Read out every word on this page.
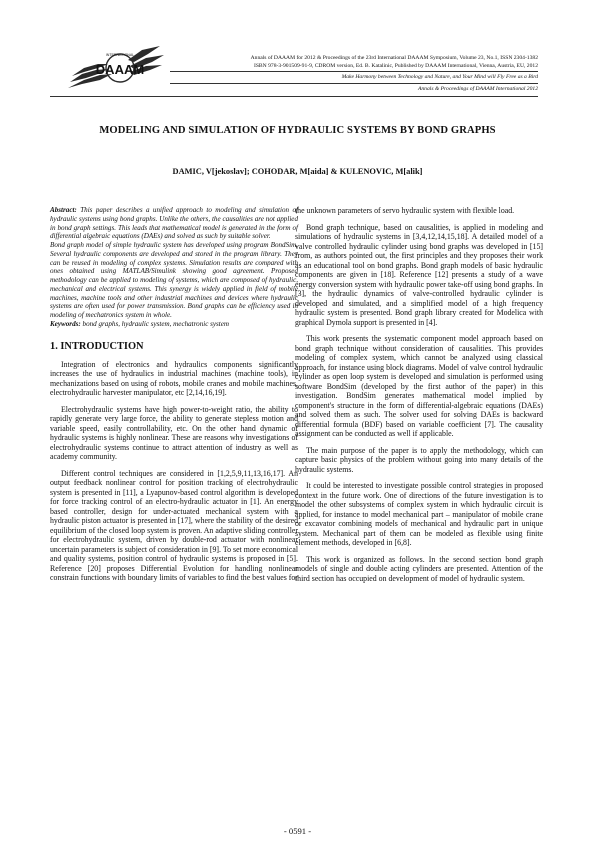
INTERNATIONAL
DAAAM
Annals of DAAAM for 2012 & Proceedings of the 23rd International DAAAM Symposium, Volume 23, No.1, ISSN 2304-1382
ISBN 978-3-901509-91-9, CDROM version, Ed. B. Katalinic, Published by DAAAM International, Vienna, Austria, EU, 2012
Make Harmony between Technology and Nature, and Your Mind will Fly Free as a Bird
Annals & Proceedings of DAAAM International 2012
MODELING AND SIMULATION OF HYDRAULIC SYSTEMS BY BOND GRAPHS
DAMIC, V[jekoslav]; COHODAR, M[aida] & KULENOVIC, M[alik]

Abstract: This paper describes a unified approach to modeling and simulation of hydraulic systems using bond graphs. Unlike the others, the causalities are not applied in bond graph settings. This leads that mathematical model is generated in the form of differential algebraic equations (DAEs) and solved as such by suitable solver.

Bond graph model of simple hydraulic system has developed using program BondSim. Several hydraulic components are developed and stored in the program library. They can be reused in modeling of complex systems. Simulation results are compared with ones obtained using MATLAB/Simulink showing good agreement. Proposed methodology can be applied to modeling of systems, which are composed of hydraulic, mechanical and electrical systems. This synergy is widely applied in field of mobile machines, machine tools and other industrial machines and devices where hydraulic systems are often used for power transmission. Bond graphs can be efficiency used in modeling of mechatronics system in whole.

Keywords: bond graphs, hydraulic system, mechatronic system

1. INTRODUCTION

Integration of electronics and hydraulics components significantly increases the use of hydraulics in industrial machines (machine tools), in mechanizations based on using of robots, mobile cranes and mobile machines, electrohydraulic harvester manipulator, etc [2,14,16,19].

Electrohydraulic systems have high power-to-weight ratio, the ability to rapidly generate very large force, the ability to generate stepless motion and variable speed, easily controllability, etc. On the other hand dynamic of hydraulic systems is highly nonlinear. These are reasons why investigations of electrohydraulic systems continue to attract attention of industry as well as academy community.

Different control techniques are considered in [1,2,5,9,11,13,16,17]. An output feedback nonlinear control for position tracking of electrohydraulic system is presented in [11], a Lyapunov-based control algorithm is developed for force tracking control of an electro-hydraulic actuator in [1]. An energy based controller, design for under-actuated mechanical system with a hydraulic piston actuator is presented in [17], where the stability of the desired equilibrium of the closed loop system is proven. An adaptive sliding controller for electrohydraulic system, driven by double-rod actuator with nonlinear uncertain parameters is subject of consideration in [9]. To set more economical and quality systems, position control of hydraulic systems is proposed in [5]. Reference [20] proposes Differential Evolution for handling nonlinear constrain functions with boundary limits of variables to find the best values for

the unknown parameters of servo hydraulic system with flexible load.

Bond graph technique, based on causalities, is applied in modeling and simulations of hydraulic systems in [3,4,12,14,15,18]. A detailed model of a valve controlled hydraulic cylinder using bond graphs was developed in [15] from, as authors pointed out, the first principles and they proposes their work as an educational tool on bond graphs. Bond graph models of basic hydraulic components are given in [18]. Reference [12] presents a study of a wave energy conversion system with hydraulic power take-off using bond graphs. In [3], the hydraulic dynamics of valve-controlled hydraulic cylinder is developed and simulated, and a simplified model of a high frequency hydraulic system is presented. Bond graph library created for Modelica with graphical Dymola support is presented in [4].

This work presents the systematic component model approach based on bond graph technique without consideration of causalities. This provides modeling of complex system, which cannot be analyzed using classical approach, for instance using block diagrams. Model of valve control hydraulic cylinder as open loop system is developed and simulation is performed using software BondSim (developed by the first author of the paper) in this investigation. BondSim generates mathematical model implied by component's structure in the form of differential-algebraic equations (DAEs) and solved them as such. The solver used for solving DAEs is backward differential formula (BDF) based on variable coefficient [7]. The causality assignment can be conducted as well if applicable.

The main purpose of the paper is to apply the methodology, which can capture basic physics of the problem without going into many details of the hydraulic systems.

It could be interested to investigate possible control strategies in proposed context in the future work. One of directions of the future investigation is to model the other subsystems of complex system in which hydraulic circuit is applied, for instance to model mechanical part – manipulator of mobile crane or excavator combining models of mechanical and hydraulic part in unique system. Mechanical part of them can be modeled as flexible using finite element methods, developed in [6,8].

This work is organized as follows. In the second section bond graph models of single and double acting cylinders are presented. Attention of the third section has occupied on development of model of hydraulic system.

- 0591 -
